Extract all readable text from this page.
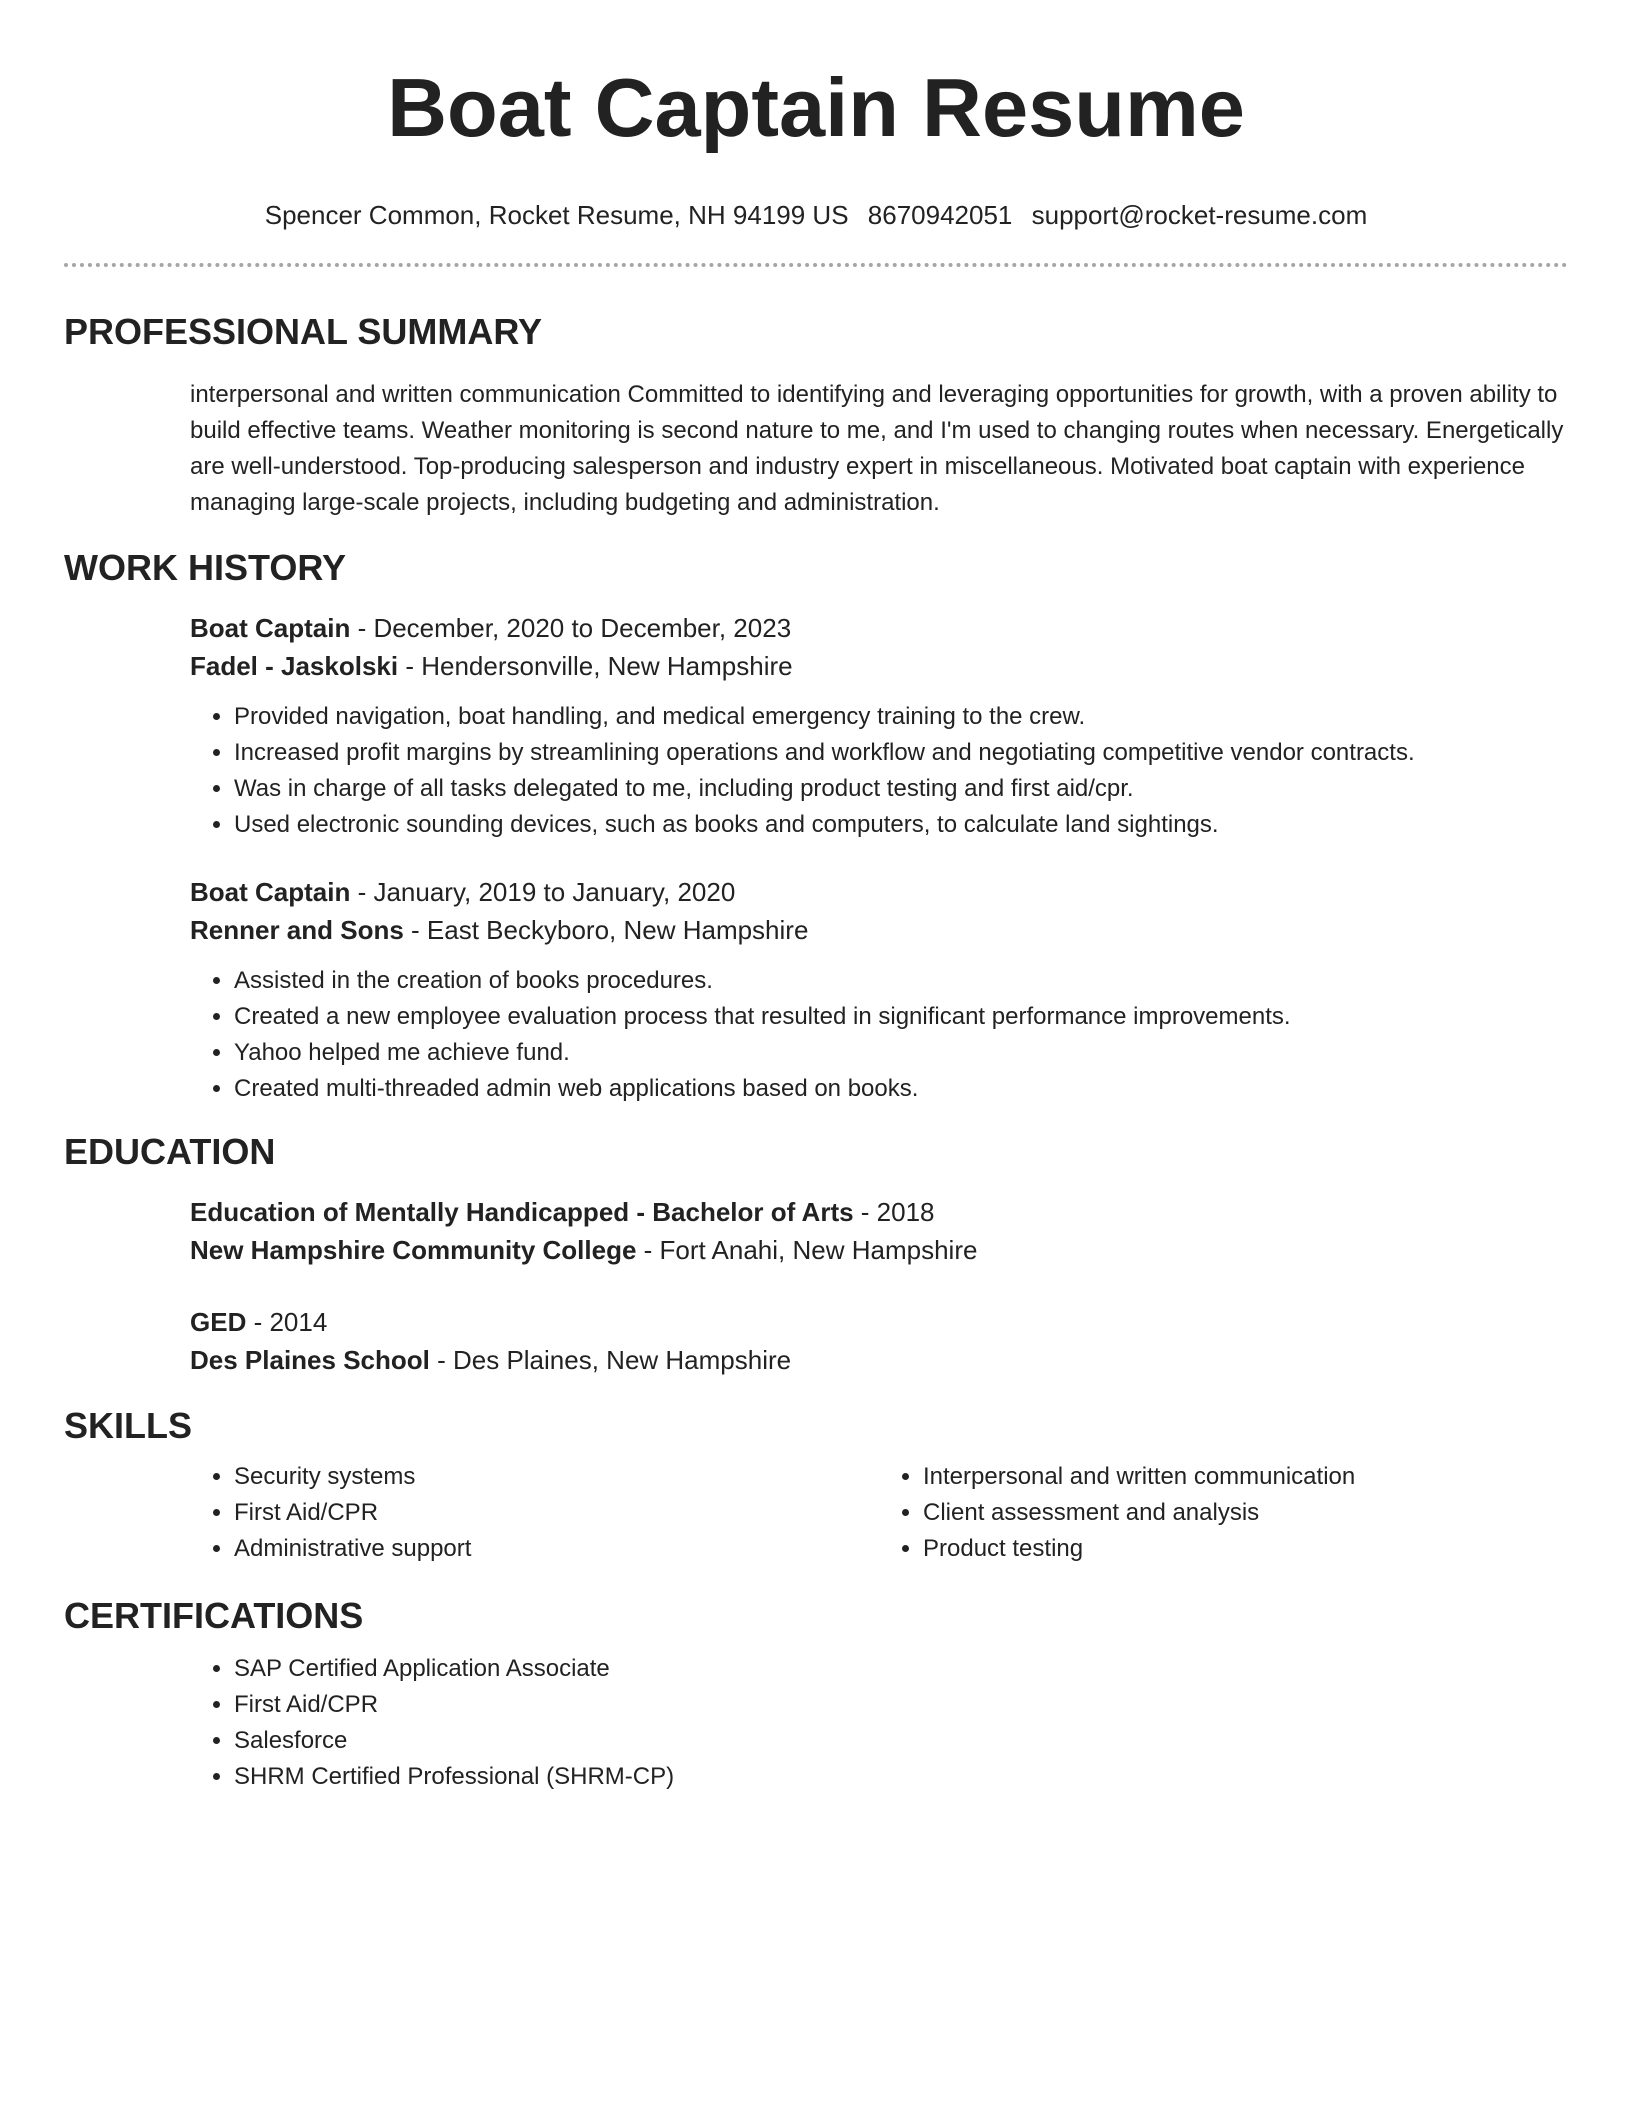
Boat Captain Resume
Spencer Common, Rocket Resume, NH 94199 US 8670942051 support@rocket-resume.com
PROFESSIONAL SUMMARY
interpersonal and written communication Committed to identifying and leveraging opportunities for growth, with a proven ability to build effective teams. Weather monitoring is second nature to me, and I'm used to changing routes when necessary. Energetically are well-understood. Top-producing salesperson and industry expert in miscellaneous. Motivated boat captain with experience managing large-scale projects, including budgeting and administration.
WORK HISTORY
Boat Captain - December, 2020 to December, 2023
Fadel - Jaskolski - Hendersonville, New Hampshire
• Provided navigation, boat handling, and medical emergency training to the crew.
• Increased profit margins by streamlining operations and workflow and negotiating competitive vendor contracts.
• Was in charge of all tasks delegated to me, including product testing and first aid/cpr.
• Used electronic sounding devices, such as books and computers, to calculate land sightings.
Boat Captain - January, 2019 to January, 2020
Renner and Sons - East Beckyboro, New Hampshire
• Assisted in the creation of books procedures.
• Created a new employee evaluation process that resulted in significant performance improvements.
• Yahoo helped me achieve fund.
• Created multi-threaded admin web applications based on books.
EDUCATION
Education of Mentally Handicapped - Bachelor of Arts - 2018
New Hampshire Community College - Fort Anahi, New Hampshire
GED - 2014
Des Plaines School - Des Plaines, New Hampshire
SKILLS
• Security systems
• First Aid/CPR
• Administrative support
• Interpersonal and written communication
• Client assessment and analysis
• Product testing
CERTIFICATIONS
• SAP Certified Application Associate
• First Aid/CPR
• Salesforce
• SHRM Certified Professional (SHRM-CP)
